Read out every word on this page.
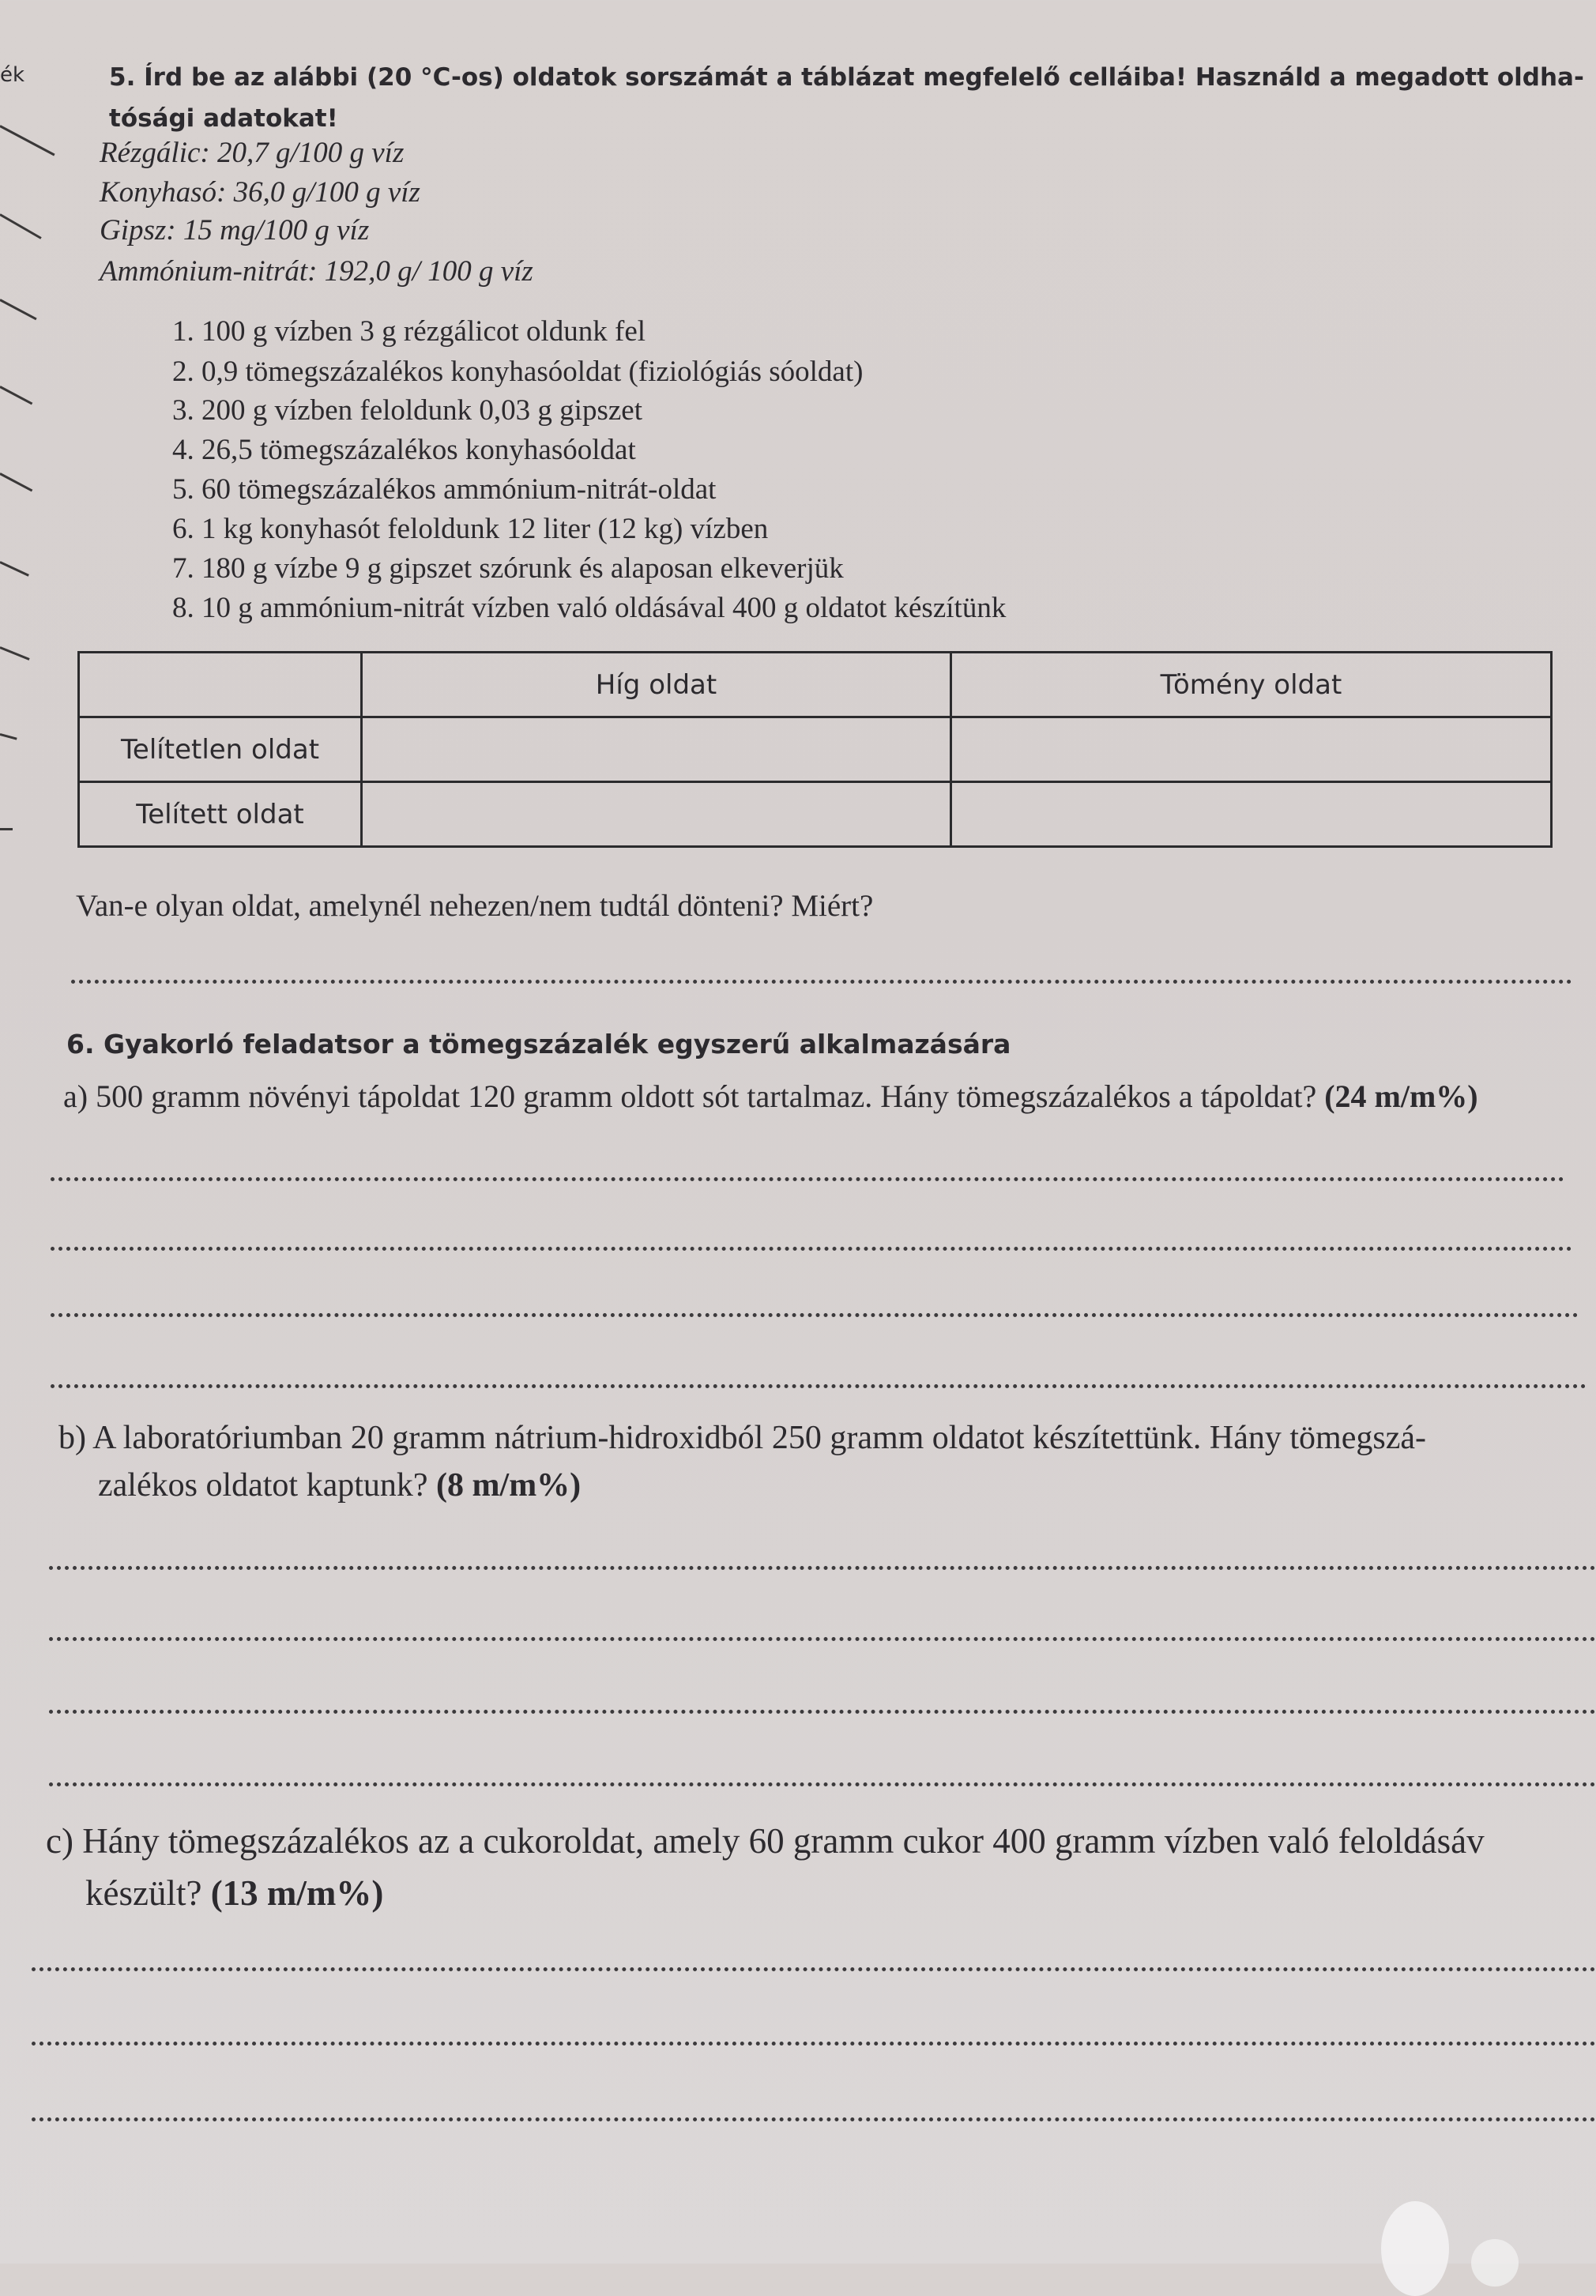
ék	5. Írd be az alábbi (20 °C-os) oldatok sorszámát a táblázat megfelelő celláiba! Használd a megadott oldha-
tósági adatokat!
Rézgálic: 20,7 g/100 g víz
Konyhasó: 36,0 g/100 g víz
Gipsz: 15 mg/100 g víz
Ammónium-nitrát: 192,0 g/ 100 g víz
1. 100 g vízben 3 g rézgálicot oldunk fel
2. 0,9 tömegszázalékos konyhasóoldat (fiziológiás sóoldat)
3. 200 g vízben feloldunk 0,03 g gipszet
4. 26,5 tömegszázalékos konyhasóoldat
5. 60 tömegszázalékos ammónium-nitrát-oldat
6. 1 kg konyhasót feloldunk 12 liter (12 kg) vízben
7. 180 g vízbe 9 g gipszet szórunk és alaposan elkeverjük
8. 10 g ammónium-nitrát vízben való oldásával 400 g oldatot készítünk
	Híg oldat	Tömény oldat
Telítetlen oldat		
Telített oldat		
Van-e olyan oldat, amelynél nehezen/nem tudtál dönteni? Miért?
6. Gyakorló feladatsor a tömegszázalék egyszerű alkalmazására
a) 500 gramm növényi tápoldat 120 gramm oldott sót tartalmaz. Hány tömegszázalékos a tápoldat? (24 m/m%)
b) A laboratóriumban 20 gramm nátrium-hidroxidból 250 gramm oldatot készítettünk. Hány tömegszá-
zalékos oldatot kaptunk? (8 m/m%)
c) Hány tömegszázalékos az a cukoroldat, amely 60 gramm cukor 400 gramm vízben való feloldásáv
készült? (13 m/m%)
